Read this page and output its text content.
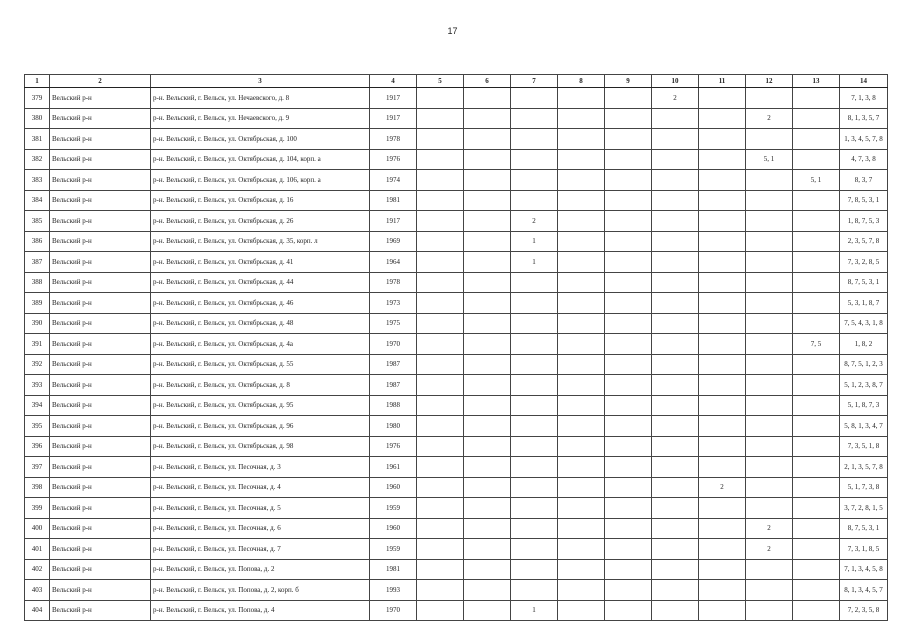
17
1	2	3	4	5	6	7	8	9	10	11	12	13	14
379	Вельский р-н	р-н. Вельский, г. Вельск, ул. Нечаевского, д. 8	1917						2				7, 1, 3, 8
380	Вельский р-н	р-н. Вельский, г. Вельск, ул. Нечаевского, д. 9	1917								2		8, 1, 3, 5, 7
381	Вельский р-н	р-н. Вельский, г. Вельск, ул. Октябрьская, д. 100	1978										1, 3, 4, 5, 7, 8
382	Вельский р-н	р-н. Вельский, г. Вельск, ул. Октябрьская, д. 104, корп. а	1976								5, 1		4, 7, 3, 8
383	Вельский р-н	р-н. Вельский, г. Вельск, ул. Октябрьская, д. 106, корп. а	1974									5, 1	8, 3, 7
384	Вельский р-н	р-н. Вельский, г. Вельск, ул. Октябрьская, д. 16	1981										7, 8, 5, 3, 1
385	Вельский р-н	р-н. Вельский, г. Вельск, ул. Октябрьская, д. 26	1917			2							1, 8, 7, 5, 3
386	Вельский р-н	р-н. Вельский, г. Вельск, ул. Октябрьская, д. 35, корп. л	1969			1							2, 3, 5, 7, 8
387	Вельский р-н	р-н. Вельский, г. Вельск, ул. Октябрьская, д. 41	1964			1							7, 3, 2, 8, 5
388	Вельский р-н	р-н. Вельский, г. Вельск, ул. Октябрьская, д. 44	1978										8, 7, 5, 3, 1
389	Вельский р-н	р-н. Вельский, г. Вельск, ул. Октябрьская, д. 46	1973										5, 3, 1, 8, 7
390	Вельский р-н	р-н. Вельский, г. Вельск, ул. Октябрьская, д. 48	1975										7, 5, 4, 3, 1, 8
391	Вельский р-н	р-н. Вельский, г. Вельск, ул. Октябрьская, д. 4а	1970									7, 5	1, 8, 2
392	Вельский р-н	р-н. Вельский, г. Вельск, ул. Октябрьская, д. 55	1987										8, 7, 5, 1, 2, 3
393	Вельский р-н	р-н. Вельский, г. Вельск, ул. Октябрьская, д. 8	1987										5, 1, 2, 3, 8, 7
394	Вельский р-н	р-н. Вельский, г. Вельск, ул. Октябрьская, д. 95	1988										5, 1, 8, 7, 3
395	Вельский р-н	р-н. Вельский, г. Вельск, ул. Октябрьская, д. 96	1980										5, 8, 1, 3, 4, 7
396	Вельский р-н	р-н. Вельский, г. Вельск, ул. Октябрьская, д. 98	1976										7, 3, 5, 1, 8
397	Вельский р-н	р-н. Вельский, г. Вельск, ул. Песочная, д. 3	1961										2, 1, 3, 5, 7, 8
398	Вельский р-н	р-н. Вельский, г. Вельск, ул. Песочная, д. 4	1960							2			5, 1, 7, 3, 8
399	Вельский р-н	р-н. Вельский, г. Вельск, ул. Песочная, д. 5	1959										3, 7, 2, 8, 1, 5
400	Вельский р-н	р-н. Вельский, г. Вельск, ул. Песочная, д. 6	1960								2		8, 7, 5, 3, 1
401	Вельский р-н	р-н. Вельский, г. Вельск, ул. Песочная, д. 7	1959								2		7, 3, 1, 8, 5
402	Вельский р-н	р-н. Вельский, г. Вельск, ул. Попова, д. 2	1981										7, 1, 3, 4, 5, 8
403	Вельский р-н	р-н. Вельский, г. Вельск, ул. Попова, д. 2, корп. б	1993										8, 1, 3, 4, 5, 7
404	Вельский р-н	р-н. Вельский, г. Вельск, ул. Попова, д. 4	1970			1							7, 2, 3, 5, 8
